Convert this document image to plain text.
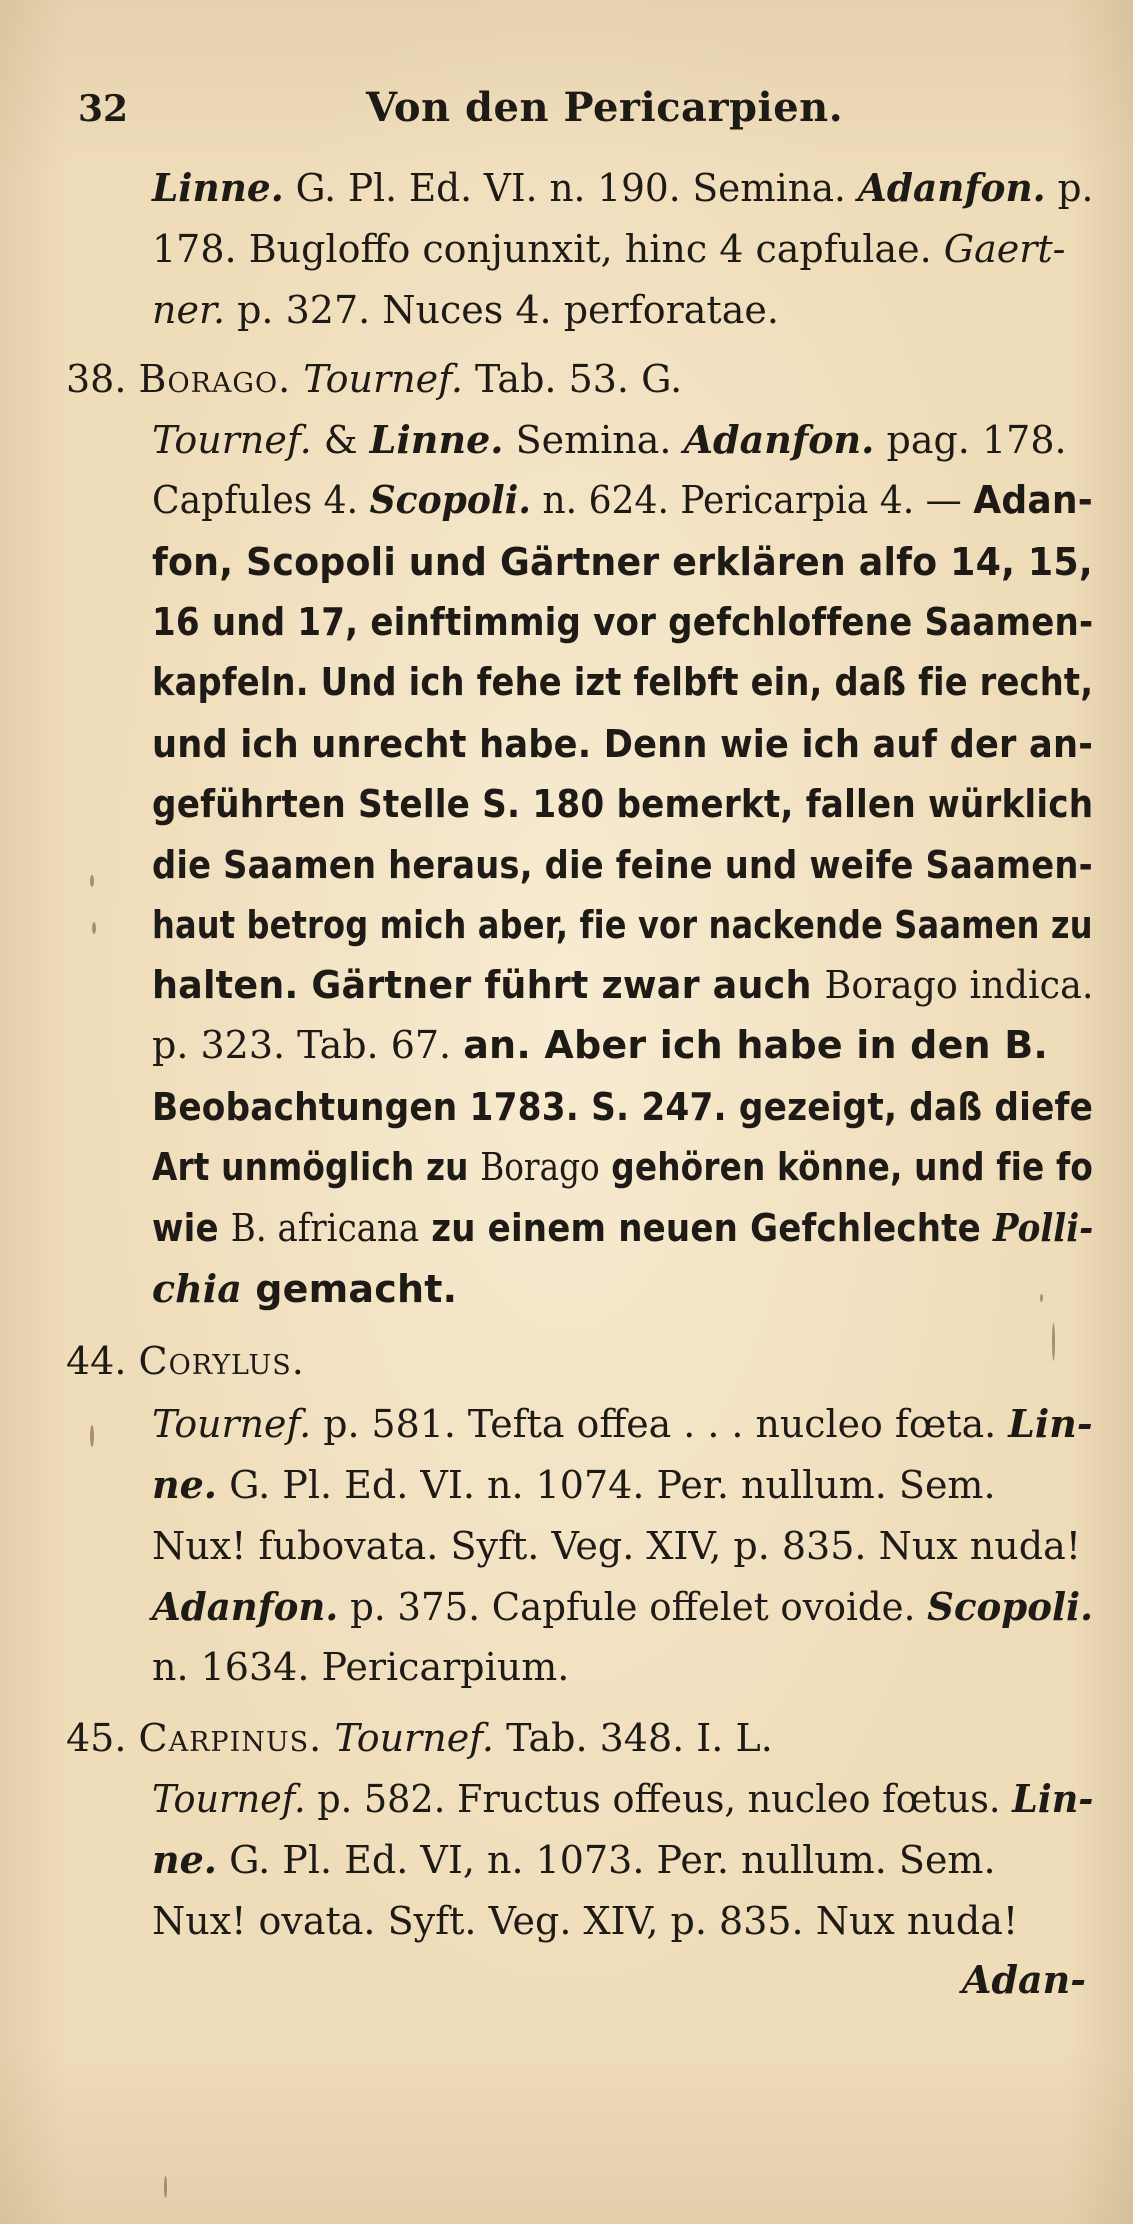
32	Von den Pericarpien.
Linne. G. Pl. Ed. VI. n. 190. Semina. Adanfon. p.
178. Bugloffo conjunxit, hinc 4 capfulae. Gaert-
ner. p. 327. Nuces 4. perforatae.
38. Borago. Tournef. Tab. 53. G.
Tournef. & Linne. Semina. Adanfon. pag. 178.
Capfules 4. Scopoli. n. 624. Pericarpia 4. — Adan-
fon, Scopoli und Gärtner erklären alfo 14, 15,
16 und 17, einftimmig vor gefchloffene Saamen-
kapfeln. Und ich fehe izt felbft ein, daß fie recht,
und ich unrecht habe. Denn wie ich auf der an-
geführten Stelle S. 180 bemerkt, fallen würklich
die Saamen heraus, die feine und weife Saamen-
haut betrog mich aber, fie vor nackende Saamen zu
halten. Gärtner führt zwar auch Borago indica.
p. 323. Tab. 67. an. Aber ich habe in den B.
Beobachtungen 1783. S. 247. gezeigt, daß diefe
Art unmöglich zu Borago gehören könne, und fie fo
wie B. africana zu einem neuen Gefchlechte Polli-
chia gemacht.
44. Corylus.
Tournef. p. 581. Tefta offea . . . nucleo fœta. Lin-
ne. G. Pl. Ed. VI. n. 1074. Per. nullum. Sem.
Nux! fubovata. Syft. Veg. XIV, p. 835. Nux nuda!
Adanfon. p. 375. Capfule offelet ovoide. Scopoli.
n. 1634. Pericarpium.
45. Carpinus. Tournef. Tab. 348. I. L.
Tournef. p. 582. Fructus offeus, nucleo fœtus. Lin-
ne. G. Pl. Ed. VI, n. 1073. Per. nullum. Sem.
Nux! ovata. Syft. Veg. XIV, p. 835. Nux nuda!
Adan-
